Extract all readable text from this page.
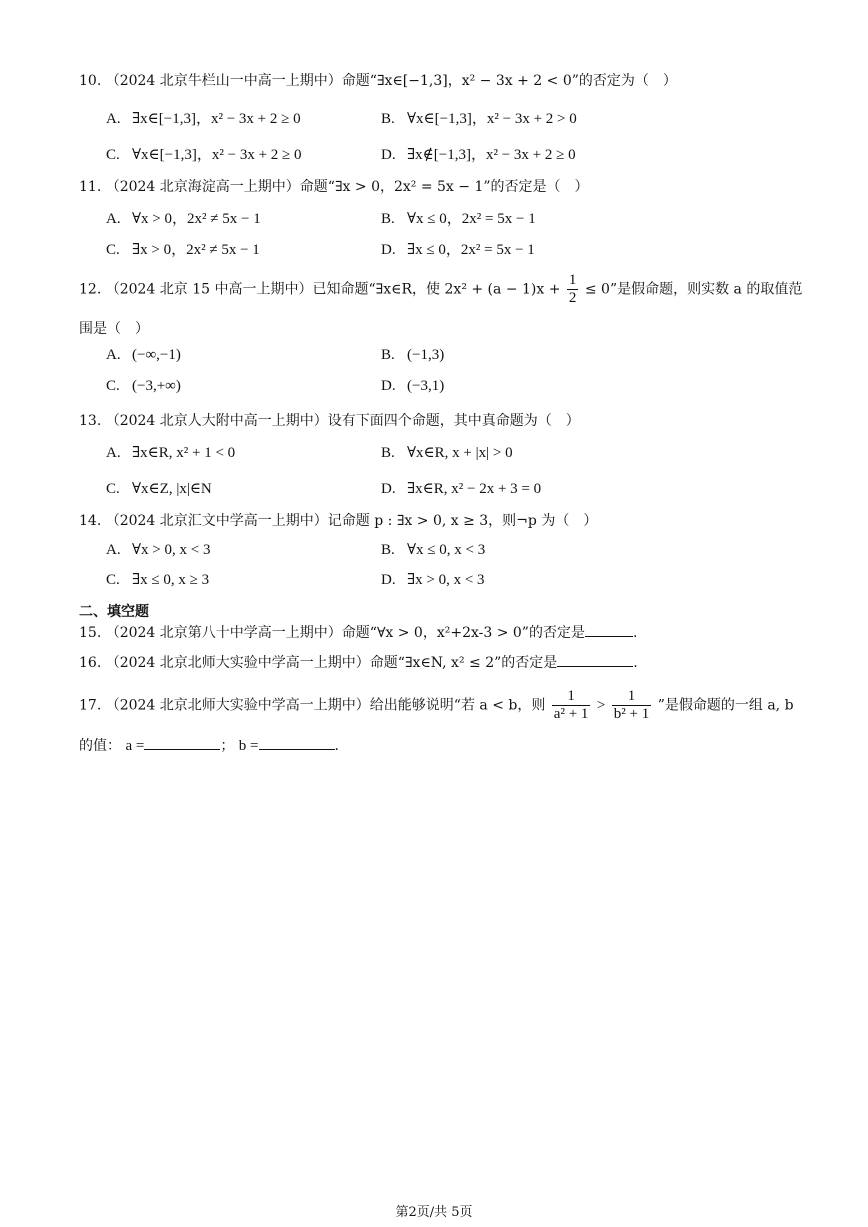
10. （2024 北京牛栏山一中高一上期中）命题“∃x∈[−1,3]，x² − 3x + 2 < 0”的否定为（　）
A. ∃x∈[−1,3]，x² − 3x + 2 ≥ 0	B. ∀x∈[−1,3]，x² − 3x + 2 > 0
C. ∀x∈[−1,3]，x² − 3x + 2 ≥ 0	D. ∃x∉[−1,3]，x² − 3x + 2 ≥ 0
11. （2024 北京海淀高一上期中）命题“∃x > 0，2x² = 5x − 1”的否定是（　）
A. ∀x > 0，2x² ≠ 5x − 1	B. ∀x ≤ 0，2x² = 5x − 1
C. ∃x > 0，2x² ≠ 5x − 1	D. ∃x ≤ 0，2x² = 5x − 1
12. （2024 北京 15 中高一上期中）已知命题“∃x∈R，使 $2x^2 + (a - 1)x + \frac{1}{2} \le 0$”是假命题，则实数 a 的取值范
围是（　）
A. (−∞,−1)	B. (−1,3)
C. (−3,+∞)	D. (−3,1)
13. （2024 北京人大附中高一上期中）设有下面四个命题，其中真命题为（　）
A. ∃x∈R, x² + 1 < 0	B. ∀x∈R, x + |x| > 0
C. ∀x∈Z, |x|∈N	D. ∃x∈R, x² − 2x + 3 = 0
14. （2024 北京汇文中学高一上期中）记命题 p : ∃x > 0, x ≥ 3，则¬p 为（　）
A. ∀x > 0, x < 3	B. ∀x ≤ 0, x < 3
C. ∃x ≤ 0, x ≥ 3	D. ∃x > 0, x < 3
二、填空题
15. （2024 北京第八十中学高一上期中）命题“∀x > 0，x²+2x-3 > 0”的否定是	.
16. （2024 北京北师大实验中学高一上期中）命题“∃x∈N, x² ≤ 2”的否定是	.
17. （2024 北京北师大实验中学高一上期中）给出能够说明“若 a < b，则 $\frac{1}{\text{a² + 1}} > \frac{1}{\text{b² + 1}}$ ”是假命题的一组 a, b
的值： a =	； b =	.
第2页/共 5页
